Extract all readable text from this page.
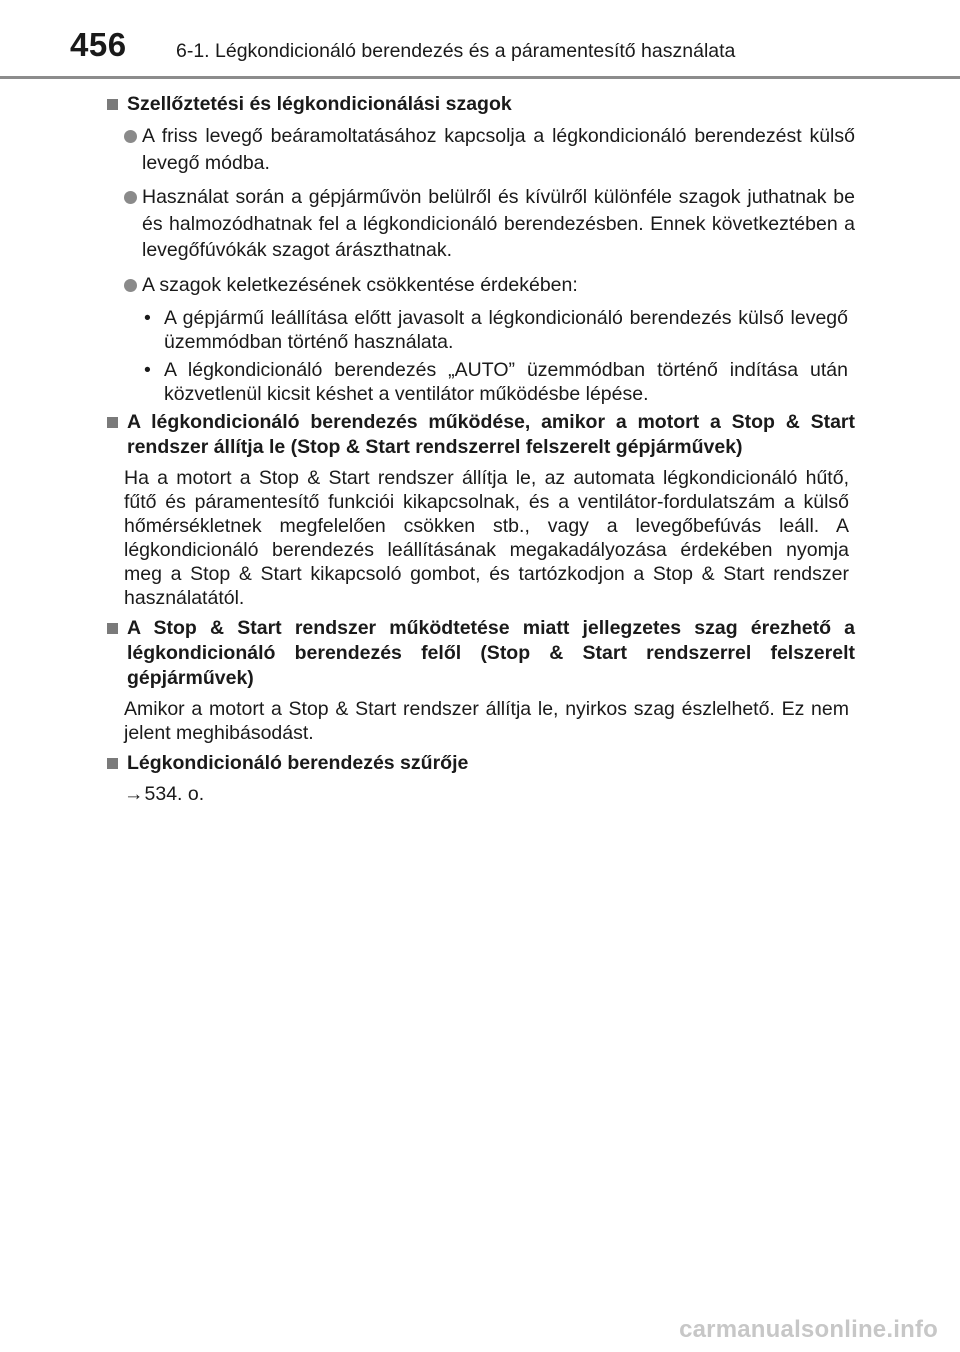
456	6-1. Légkondicionáló berendezés és a páramentesítő használata
Szellőztetési és légkondicionálási szagok
A friss levegő beáramoltatásához kapcsolja a légkondicionáló berendezést külső levegő módba.
Használat során a gépjárművön belülről és kívülről különféle szagok juthatnak be és halmozódhatnak fel a légkondicionáló berendezésben. Ennek következtében a levegőfúvókák szagot árászthatnak.
A szagok keletkezésének csökkentése érdekében:
• A gépjármű leállítása előtt javasolt a légkondicionáló berendezés külső levegő üzemmódban történő használata.
• A légkondicionáló berendezés „AUTO” üzemmódban történő indítása után közvetlenül kicsit késhet a ventilátor működésbe lépése.
A légkondicionáló berendezés működése, amikor a motort a Stop & Start rendszer állítja le (Stop & Start rendszerrel felszerelt gépjárművek)
Ha a motort a Stop & Start rendszer állítja le, az automata légkondicionáló hűtő, fűtő és páramentesítő funkciói kikapcsolnak, és a ventilátor-fordulatszám a külső hőmérsékletnek megfelelően csökken stb., vagy a levegőbefúvás leáll. A légkondicionáló berendezés leállításának megakadályozása érdekében nyomja meg a Stop & Start kikapcsoló gombot, és tartózkodjon a Stop & Start rendszer használatától.
A Stop & Start rendszer működtetése miatt jellegzetes szag érezhető a légkondicionáló berendezés felől (Stop & Start rendszerrel felszerelt gépjárművek)
Amikor a motort a Stop & Start rendszer állítja le, nyirkos szag észlelhető. Ez nem jelent meghibásodást.
Légkondicionáló berendezés szűrője
→534. o.
carmanualsonline.info
